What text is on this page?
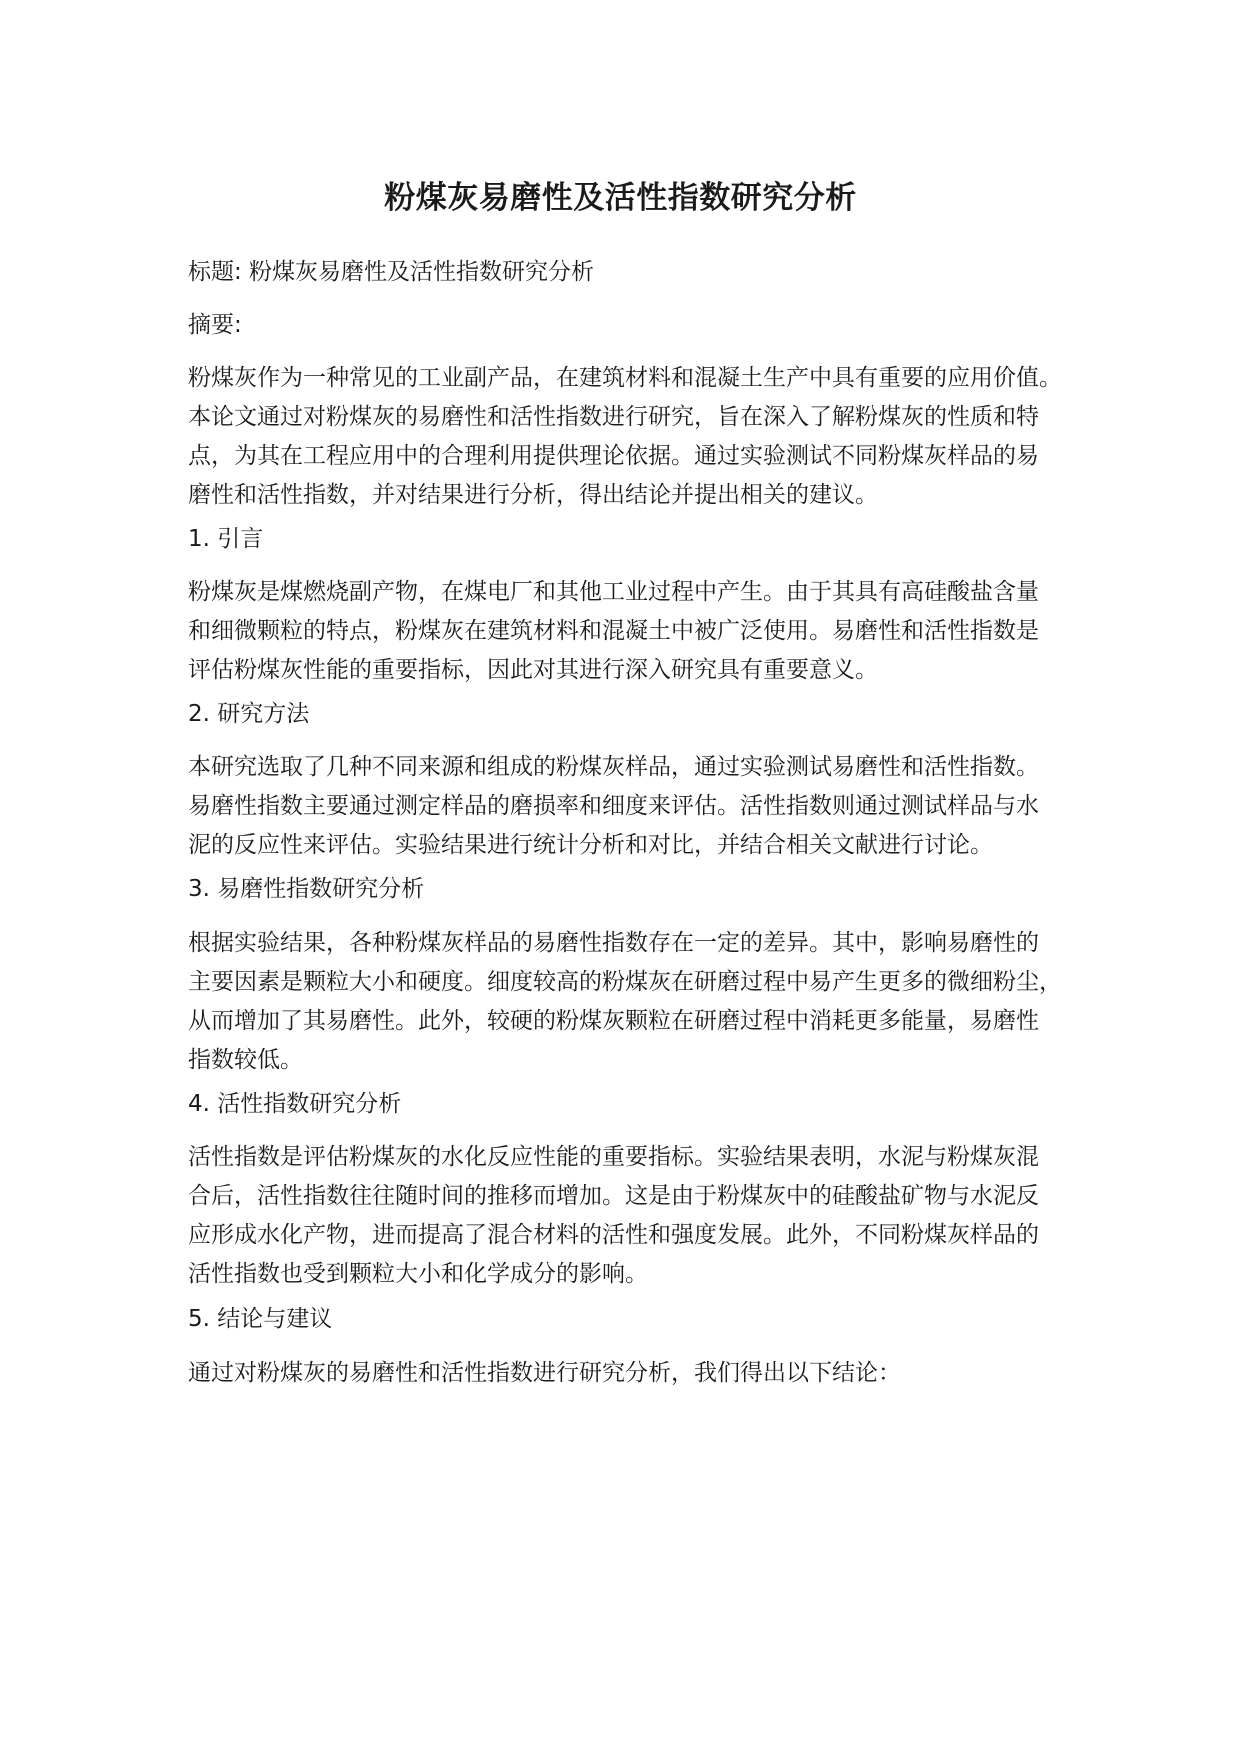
粉煤灰易磨性及活性指数研究分析
标题: 粉煤灰易磨性及活性指数研究分析
摘要:
粉煤灰作为一种常见的工业副产品，在建筑材料和混凝土生产中具有重要的应用价值。
本论文通过对粉煤灰的易磨性和活性指数进行研究，旨在深入了解粉煤灰的性质和特
点，为其在工程应用中的合理利用提供理论依据。通过实验测试不同粉煤灰样品的易
磨性和活性指数，并对结果进行分析，得出结论并提出相关的建议。
1. 引言
粉煤灰是煤燃烧副产物，在煤电厂和其他工业过程中产生。由于其具有高硅酸盐含量
和细微颗粒的特点，粉煤灰在建筑材料和混凝土中被广泛使用。易磨性和活性指数是
评估粉煤灰性能的重要指标，因此对其进行深入研究具有重要意义。
2. 研究方法
本研究选取了几种不同来源和组成的粉煤灰样品，通过实验测试易磨性和活性指数。
易磨性指数主要通过测定样品的磨损率和细度来评估。活性指数则通过测试样品与水
泥的反应性来评估。实验结果进行统计分析和对比，并结合相关文献进行讨论。
3. 易磨性指数研究分析
根据实验结果，各种粉煤灰样品的易磨性指数存在一定的差异。其中，影响易磨性的
主要因素是颗粒大小和硬度。细度较高的粉煤灰在研磨过程中易产生更多的微细粉尘，
从而增加了其易磨性。此外，较硬的粉煤灰颗粒在研磨过程中消耗更多能量，易磨性
指数较低。
4. 活性指数研究分析
活性指数是评估粉煤灰的水化反应性能的重要指标。实验结果表明，水泥与粉煤灰混
合后，活性指数往往随时间的推移而增加。这是由于粉煤灰中的硅酸盐矿物与水泥反
应形成水化产物，进而提高了混合材料的活性和强度发展。此外，不同粉煤灰样品的
活性指数也受到颗粒大小和化学成分的影响。
5. 结论与建议
通过对粉煤灰的易磨性和活性指数进行研究分析，我们得出以下结论：
